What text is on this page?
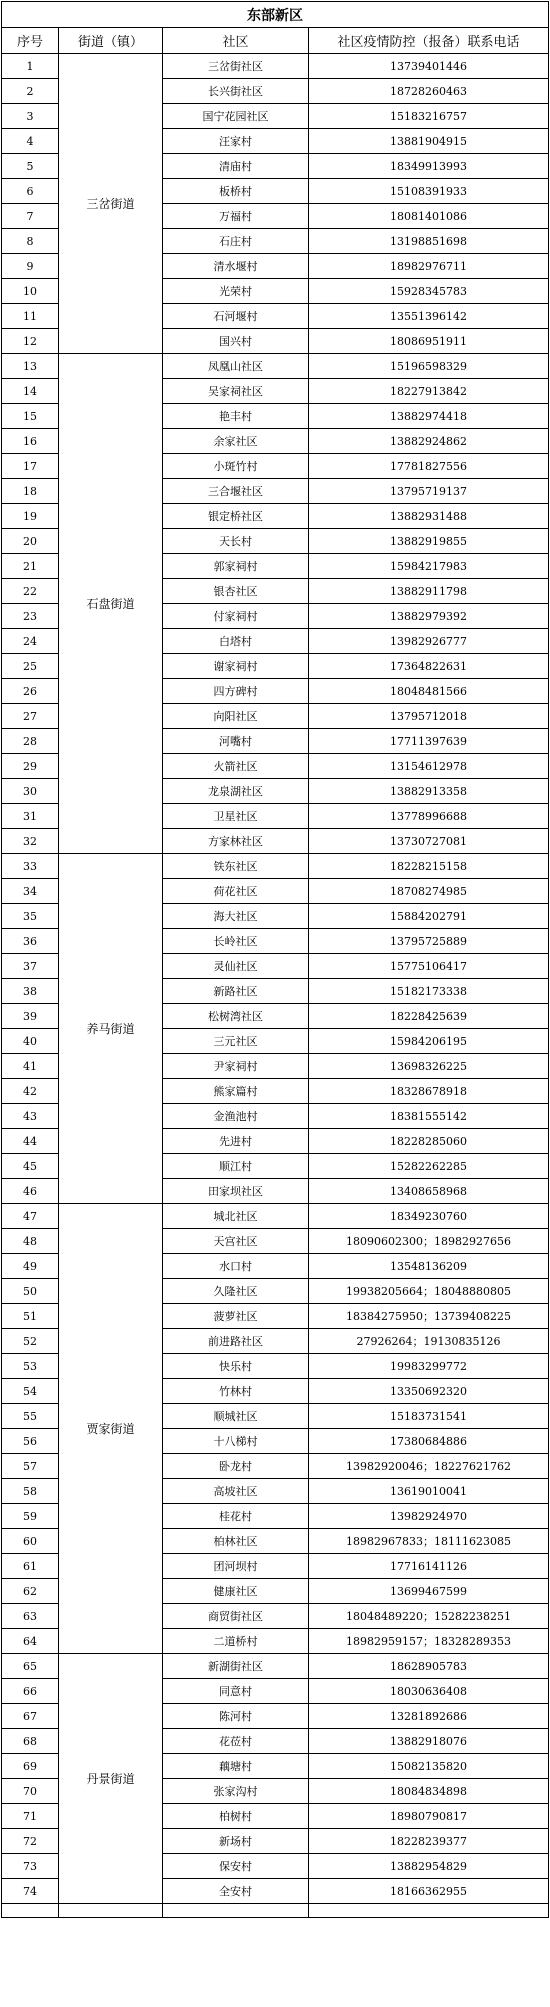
东部新区			
序号	街道（镇）	社区	社区疫情防控（报备）联系电话
1	三岔街道	三岔街社区	13739401446
2		长兴街社区	18728260463
3		国宁花园社区	15183216757
4		汪家村	13881904915
5		清庙村	18349913993
6		板桥村	15108391933
7		万福村	18081401086
8		石庄村	13198851698
9		清水堰村	18982976711
10		光荣村	15928345783
11		石河堰村	13551396142
12		国兴村	18086951911
13	石盘街道	凤凰山社区	15196598329
14		吴家祠社区	18227913842
15		艳丰村	13882974418
16		余家社区	13882924862
17		小斑竹村	17781827556
18		三合堰社区	13795719137
19		银定桥社区	13882931488
20		天长村	13882919855
21		郭家祠村	15984217983
22		银杏社区	13882911798
23		付家祠村	13882979392
24		白塔村	13982926777
25		谢家祠村	17364822631
26		四方碑村	18048481566
27		向阳社区	13795712018
28		河嘴村	17711397639
29		火箭社区	13154612978
30		龙泉湖社区	13882913358
31		卫星社区	13778996688
32		方家林社区	13730727081
33	养马街道	铁东社区	18228215158
34		荷花社区	18708274985
35		海大社区	15884202791
36		长岭社区	13795725889
37		灵仙社区	15775106417
38		新路社区	15182173338
39		松树湾社区	18228425639
40		三元社区	15984206195
41		尹家祠村	13698326225
42		熊家篇村	18328678918
43		金渔池村	18381555142
44		先进村	18228285060
45		顺江村	15282262285
46		田家坝社区	13408658968
47	贾家街道	城北社区	18349230760
48		天宫社区	18090602300；18982927656
49		水口村	13548136209
50		久隆社区	19938205664；18048880805
51		菠萝社区	18384275950；13739408225
52		前进路社区	27926264；19130835126
53		快乐村	19983299772
54		竹林村	13350692320
55		顺城社区	15183731541
56		十八梯村	17380684886
57		卧龙村	13982920046；18227621762
58		高坡社区	13619010041
59		桂花村	13982924970
60		柏林社区	18982967833；18111623085
61		团河坝村	17716141126
62		健康社区	13699467599
63		商贸街社区	18048489220；15282238251
64		二道桥村	18982959157；18328289353
65	丹景街道	新湖街社区	18628905783
66		同意村	18030636408
67		陈河村	13281892686
68		花莅村	13882918076
69		藕塘村	15082135820
70		张家沟村	18084834898
71		柏树村	18980790817
72		新场村	18228239377
73		保安村	13882954829
74		全安村	18166362955
